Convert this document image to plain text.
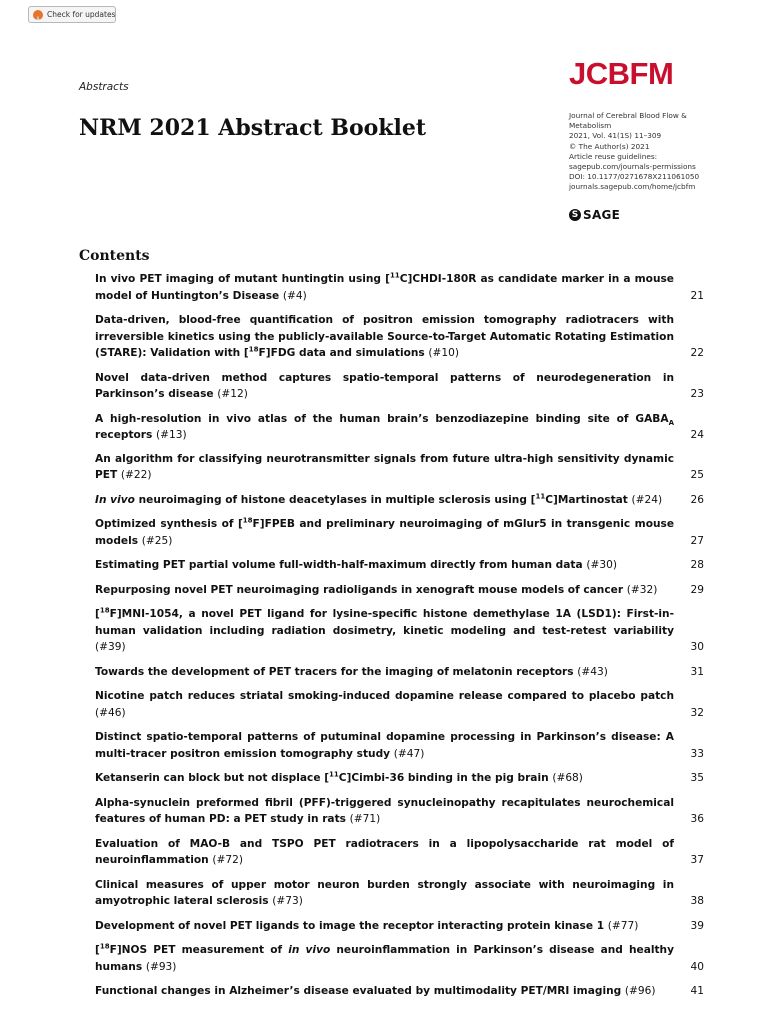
Check for updates
Abstracts
NRM 2021 Abstract Booklet
JCBFM
Journal of Cerebral Blood Flow &
Metabolism
2021, Vol. 41(1S) 11–309
© The Author(s) 2021
Article reuse guidelines:
sagepub.com/journals-permissions
DOI: 10.1177/0271678X211061050
journals.sagepub.com/home/jcbfm
S SAGE
Contents
In vivo PET imaging of mutant huntingtin using [$^{11}$C]CHDI-180R as candidate marker in a mouse model of Huntington’s Disease (#4)	21
Data-driven, blood-free quantification of positron emission tomography radiotracers with irreversible kinetics using the publicly-available Source-to-Target Automatic Rotating Estimation (STARE): Validation with [$^{18}$F]FDG data and simulations (#10)	22
Novel data-driven method captures spatio-temporal patterns of neurodegeneration in Parkinson’s disease (#12)	23
A high-resolution in vivo atlas of the human brain’s benzodiazepine binding site of $GABA_A$ receptors (#13)	24
An algorithm for classifying neurotransmitter signals from future ultra-high sensitivity dynamic PET (#22)	25
In vivo neuroimaging of histone deacetylases in multiple sclerosis using [$^{11}$C]Martinostat (#24)	26
Optimized synthesis of [$^{18}$F]FPEB and preliminary neuroimaging of mGlur5 in transgenic mouse models (#25)	27
Estimating PET partial volume full-width-half-maximum directly from human data (#30)	28
Repurposing novel PET neuroimaging radioligands in xenograft mouse models of cancer (#32)	29
[$^{18}$F]MNI-1054, a novel PET ligand for lysine-specific histone demethylase 1A (LSD1): First-in-human validation including radiation dosimetry, kinetic modeling and test-retest variability (#39)	30
Towards the development of PET tracers for the imaging of melatonin receptors (#43)	31
Nicotine patch reduces striatal smoking-induced dopamine release compared to placebo patch (#46)	32
Distinct spatio-temporal patterns of putuminal dopamine processing in Parkinson’s disease: A multi-tracer positron emission tomography study (#47)	33
Ketanserin can block but not displace [$^{11}$C]Cimbi-36 binding in the pig brain (#68)	35
Alpha-synuclein preformed fibril (PFF)-triggered synucleinopathy recapitulates neurochemical features of human PD: a PET study in rats (#71)	36
Evaluation of MAO-B and TSPO PET radiotracers in a lipopolysaccharide rat model of neuroinflammation (#72)	37
Clinical measures of upper motor neuron burden strongly associate with neuroimaging in amyotrophic lateral sclerosis (#73)	38
Development of novel PET ligands to image the receptor interacting protein kinase 1 (#77)	39
[$^{18}$F]NOS PET measurement of in vivo neuroinflammation in Parkinson’s disease and healthy humans (#93)	40
Functional changes in Alzheimer’s disease evaluated by multimodality PET/MRI imaging (#96)	41
